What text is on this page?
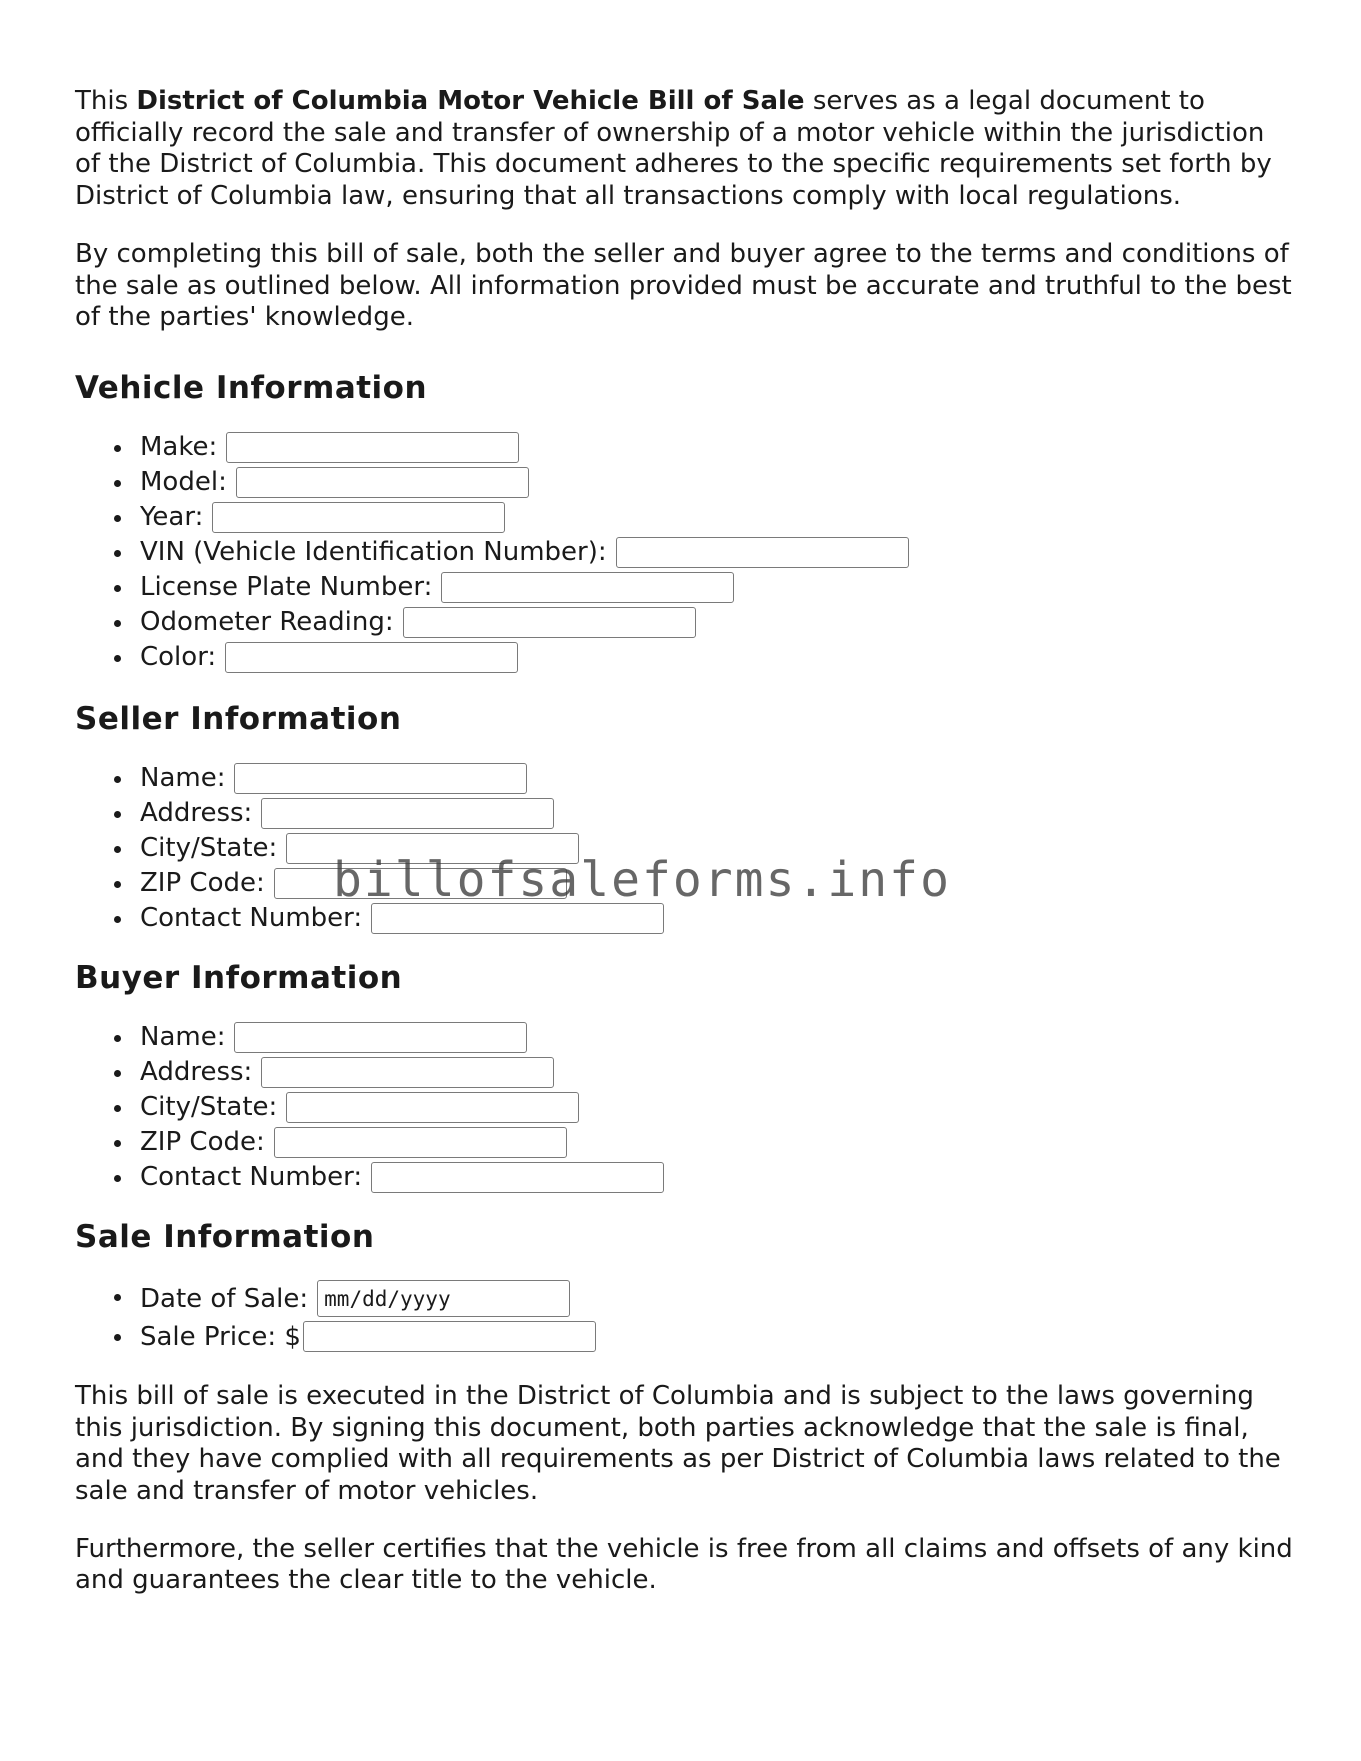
This District of Columbia Motor Vehicle Bill of Sale serves as a legal document to officially record the sale and transfer of ownership of a motor vehicle within the jurisdiction of the District of Columbia. This document adheres to the specific requirements set forth by District of Columbia law, ensuring that all transactions comply with local regulations.

By completing this bill of sale, both the seller and buyer agree to the terms and conditions of the sale as outlined below. All information provided must be accurate and truthful to the best of the parties' knowledge.

Vehicle Information
Make:
Model:
Year:
VIN (Vehicle Identification Number):
License Plate Number:
Odometer Reading:
Color:
Seller Information
Name:
Address:
City/State:
ZIP Code:
Contact Number:
Buyer Information
Name:
Address:
City/State:
ZIP Code:
Contact Number:
Sale Information
Date of Sale: mm/dd/yyyy
Sale Price: $

This bill of sale is executed in the District of Columbia and is subject to the laws governing this jurisdiction. By signing this document, both parties acknowledge that the sale is final, and they have complied with all requirements as per District of Columbia laws related to the sale and transfer of motor vehicles.

Furthermore, the seller certifies that the vehicle is free from all claims and offsets of any kind and guarantees the clear title to the vehicle.

billofsaleforms.info
